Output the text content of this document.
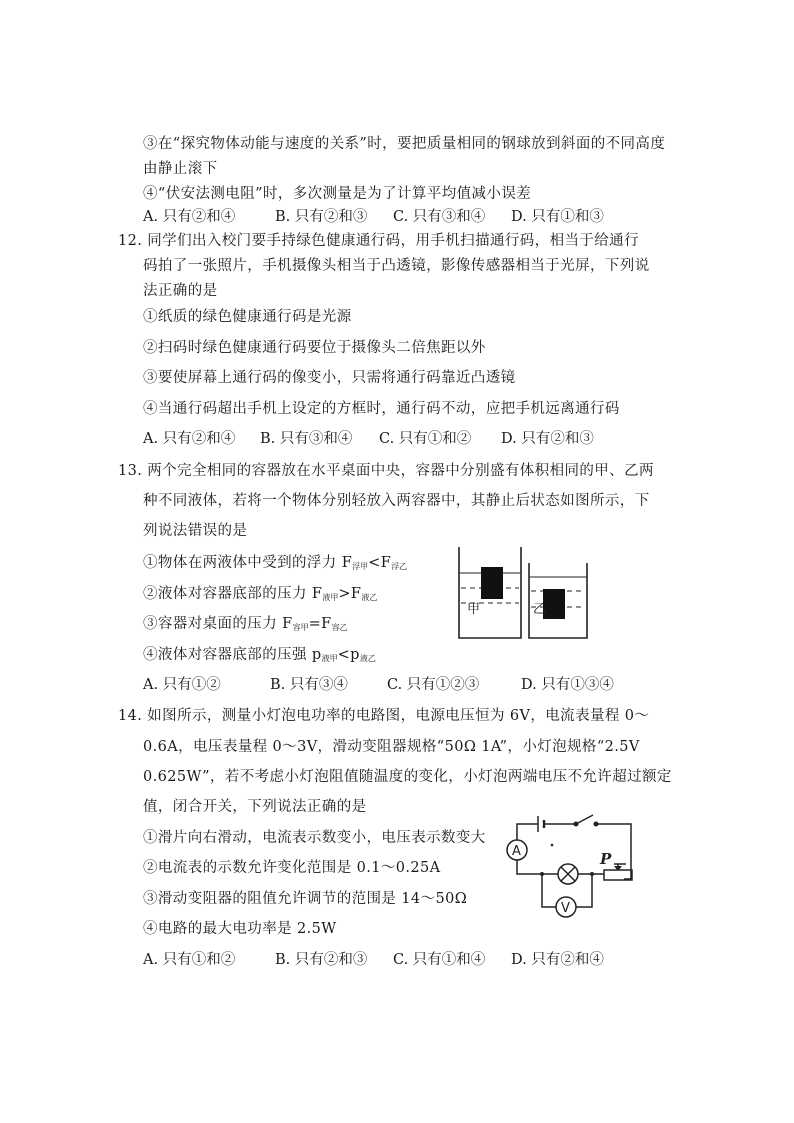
③在“探究物体动能与速度的关系”时，要把质量相同的钢球放到斜面的不同高度
由静止滚下
④“伏安法测电阻”时，多次测量是为了计算平均值减小误差
A. 只有②和④	B. 只有②和③ C. 只有③和④ D. 只有①和③
12. 同学们出入校门要手持绿色健康通行码，用手机扫描通行码，相当于给通行
码拍了一张照片，手机摄像头相当于凸透镜，影像传感器相当于光屏，下列说
法正确的是
①纸质的绿色健康通行码是光源
②扫码时绿色健康通行码要位于摄像头二倍焦距以外
③要使屏幕上通行码的像变小，只需将通行码靠近凸透镜
④当通行码超出手机上设定的方框时，通行码不动，应把手机远离通行码
A. 只有②和④ B. 只有③和④ C. 只有①和② D. 只有②和③
13. 两个完全相同的容器放在水平桌面中央，容器中分别盛有体积相同的甲、乙两
种不同液体，若将一个物体分别轻放入两容器中，其静止后状态如图所示，下
列说法错误的是
①物体在两液体中受到的浮力 $F_{浮甲}<F_{浮乙}$
②液体对容器底部的压力 $F_{液甲}>F_{液乙}$
③容器对桌面的压力 $F_{容甲}=F_{容乙}$
④液体对容器底部的压强 $p_{液甲}<p_{液乙}$
甲	乙
A. 只有①②	B. 只有③④	C. 只有①②③	D. 只有①③④
14. 如图所示，测量小灯泡电功率的电路图，电源电压恒为 6V，电流表量程 0～
0.6A，电压表量程 0～3V，滑动变阻器规格“50Ω 1A”，小灯泡规格“2.5V
0.625W”，若不考虑小灯泡阻值随温度的变化，小灯泡两端电压不允许超过额定
值，闭合开关，下列说法正确的是
①滑片向右滑动，电流表示数变小，电压表示数变大
②电流表的示数允许变化范围是 0.1～0.25A
③滑动变阻器的阻值允许调节的范围是 14～50Ω
④电路的最大电功率是 2.5W
A
V
P
A. 只有①和②	B. 只有②和③ C. 只有①和④ D. 只有②和④
